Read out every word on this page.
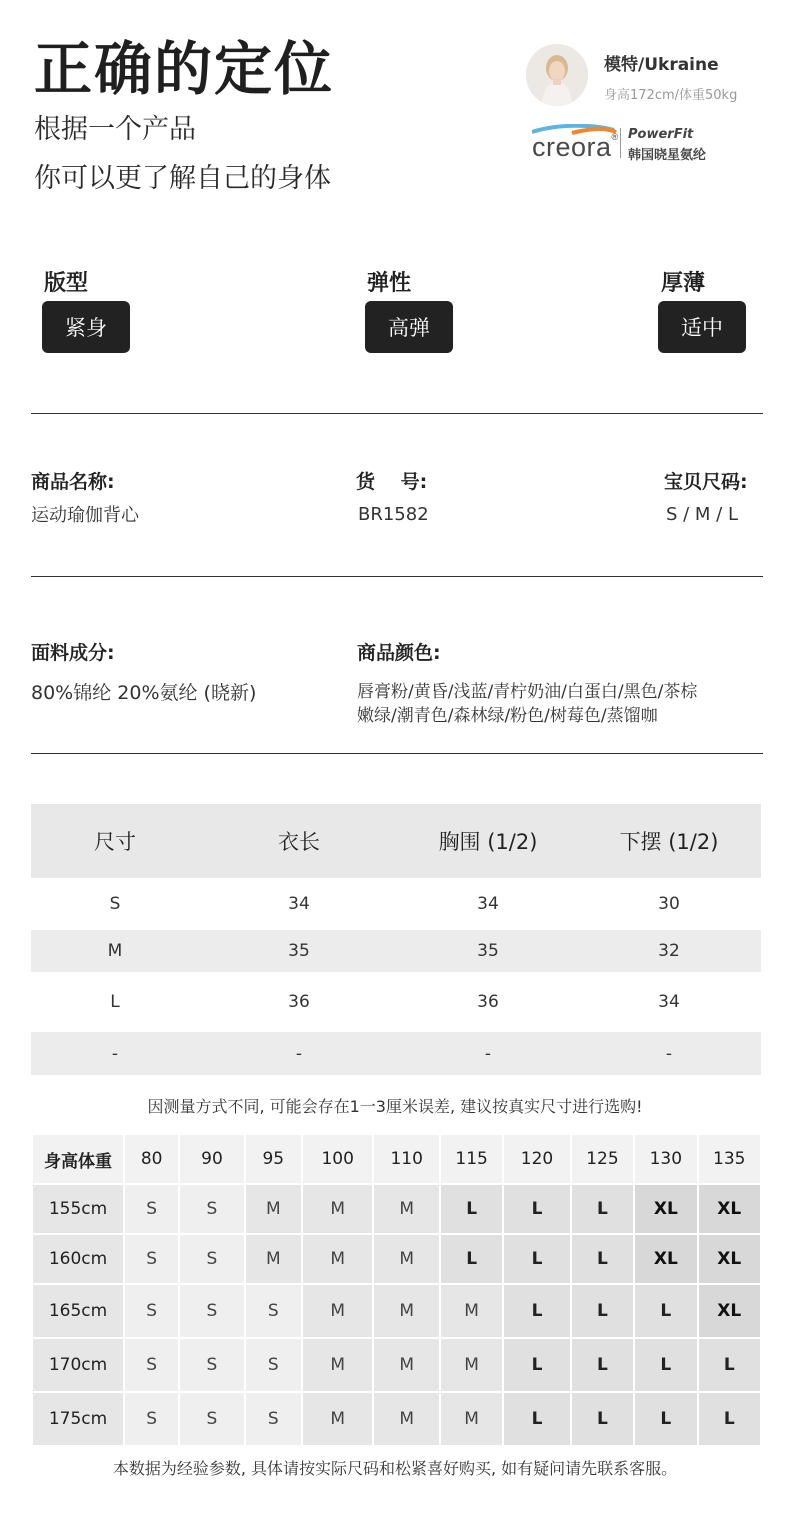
正确的定位
根据一个产品
你可以更了解自己的身体
模特/Ukraine
身高172cm/体重50kg
creora® PowerFit
韩国晓星氨纶
版型
紧身
弹性
高弹
厚薄
适中
商品名称:
运动瑜伽背心
货　 号:
BR1582
宝贝尺码:
S / M / L
面料成分:
80%锦纶 20%氨纶 (晓新)
商品颜色:
唇膏粉/黄昏/浅蓝/青柠奶油/白蛋白/黑色/茶棕
嫩绿/潮青色/森林绿/粉色/树莓色/蒸馏咖
尺寸	衣长	胸围 (1/2)	下摆 (1/2)
S	34	34	30
M	35	35	32
L	36	36	34
-	-	-	-
因测量方式不同, 可能会存在1一3厘米误差, 建议按真实尺寸进行选购!
身高体重	80	90	95	100	110	115	120	125	130	135
155cm	S	S	M	M	M	L	L	L	XL	XL
160cm	S	S	M	M	M	L	L	L	XL	XL
165cm	S	S	S	M	M	M	L	L	L	XL
170cm	S	S	S	M	M	M	L	L	L	L
175cm	S	S	S	M	M	M	L	L	L	L
本数据为经验参数, 具体请按实际尺码和松紧喜好购买, 如有疑问请先联系客服。
